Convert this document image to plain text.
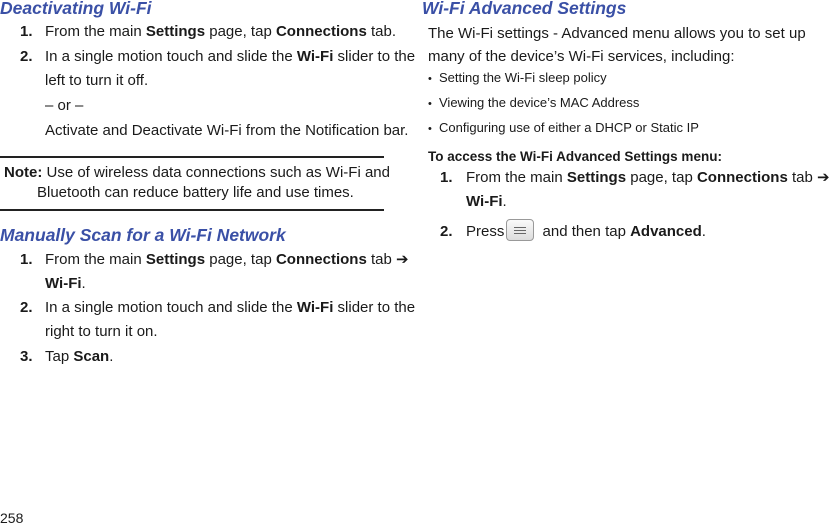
Deactivating Wi-Fi
1. From the main Settings page, tap Connections tab.
2. In a single motion touch and slide the Wi-Fi slider to the
left to turn it off.
– or –
Activate and Deactivate Wi-Fi from the Notification bar.
Note: Use of wireless data connections such as Wi-Fi and
Bluetooth can reduce battery life and use times.
Manually Scan for a Wi-Fi Network
1. From the main Settings page, tap Connections tab ➔
Wi-Fi.
2. In a single motion touch and slide the Wi-Fi slider to the
right to turn it on.
3. Tap Scan.
Wi-Fi Advanced Settings
The Wi-Fi settings - Advanced menu allows you to set up
many of the device’s Wi-Fi services, including:
• Setting the Wi-Fi sleep policy
• Viewing the device’s MAC Address
• Configuring use of either a DHCP or Static IP
To access the Wi-Fi Advanced Settings menu:
1. From the main Settings page, tap Connections tab ➔
Wi-Fi.
2. Press
and then tap Advanced.
258
